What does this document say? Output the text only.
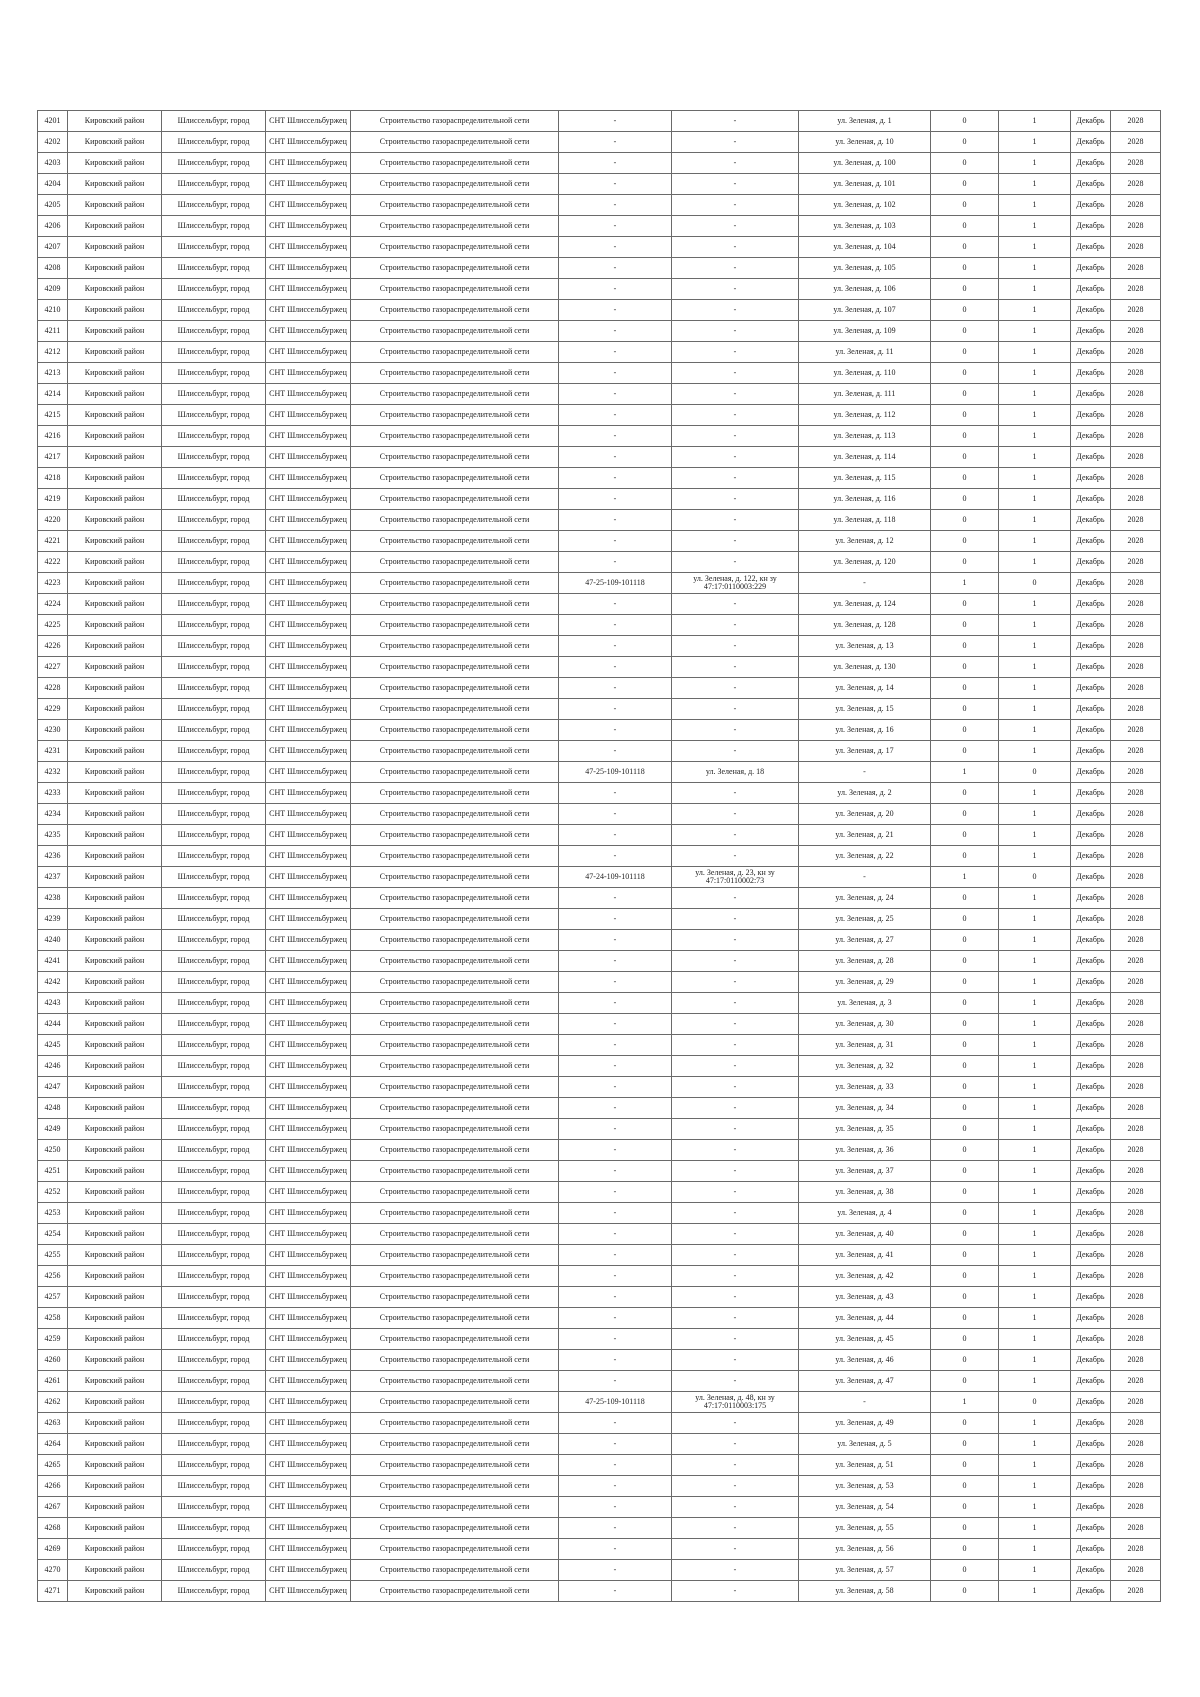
4201	Кировский район	Шлиссельбург, город	СНТ Шлиссельбуржец	Строительство газораспределительной сети	-	-	ул. Зеленая, д. 1	0	1	Декабрь	2028
4202	Кировский район	Шлиссельбург, город	СНТ Шлиссельбуржец	Строительство газораспределительной сети	-	-	ул. Зеленая, д. 10	0	1	Декабрь	2028
4203	Кировский район	Шлиссельбург, город	СНТ Шлиссельбуржец	Строительство газораспределительной сети	-	-	ул. Зеленая, д. 100	0	1	Декабрь	2028
4204	Кировский район	Шлиссельбург, город	СНТ Шлиссельбуржец	Строительство газораспределительной сети	-	-	ул. Зеленая, д. 101	0	1	Декабрь	2028
4205	Кировский район	Шлиссельбург, город	СНТ Шлиссельбуржец	Строительство газораспределительной сети	-	-	ул. Зеленая, д. 102	0	1	Декабрь	2028
4206	Кировский район	Шлиссельбург, город	СНТ Шлиссельбуржец	Строительство газораспределительной сети	-	-	ул. Зеленая, д. 103	0	1	Декабрь	2028
4207	Кировский район	Шлиссельбург, город	СНТ Шлиссельбуржец	Строительство газораспределительной сети	-	-	ул. Зеленая, д. 104	0	1	Декабрь	2028
4208	Кировский район	Шлиссельбург, город	СНТ Шлиссельбуржец	Строительство газораспределительной сети	-	-	ул. Зеленая, д. 105	0	1	Декабрь	2028
4209	Кировский район	Шлиссельбург, город	СНТ Шлиссельбуржец	Строительство газораспределительной сети	-	-	ул. Зеленая, д. 106	0	1	Декабрь	2028
4210	Кировский район	Шлиссельбург, город	СНТ Шлиссельбуржец	Строительство газораспределительной сети	-	-	ул. Зеленая, д. 107	0	1	Декабрь	2028
4211	Кировский район	Шлиссельбург, город	СНТ Шлиссельбуржец	Строительство газораспределительной сети	-	-	ул. Зеленая, д. 109	0	1	Декабрь	2028
4212	Кировский район	Шлиссельбург, город	СНТ Шлиссельбуржец	Строительство газораспределительной сети	-	-	ул. Зеленая, д. 11	0	1	Декабрь	2028
4213	Кировский район	Шлиссельбург, город	СНТ Шлиссельбуржец	Строительство газораспределительной сети	-	-	ул. Зеленая, д. 110	0	1	Декабрь	2028
4214	Кировский район	Шлиссельбург, город	СНТ Шлиссельбуржец	Строительство газораспределительной сети	-	-	ул. Зеленая, д. 111	0	1	Декабрь	2028
4215	Кировский район	Шлиссельбург, город	СНТ Шлиссельбуржец	Строительство газораспределительной сети	-	-	ул. Зеленая, д. 112	0	1	Декабрь	2028
4216	Кировский район	Шлиссельбург, город	СНТ Шлиссельбуржец	Строительство газораспределительной сети	-	-	ул. Зеленая, д. 113	0	1	Декабрь	2028
4217	Кировский район	Шлиссельбург, город	СНТ Шлиссельбуржец	Строительство газораспределительной сети	-	-	ул. Зеленая, д. 114	0	1	Декабрь	2028
4218	Кировский район	Шлиссельбург, город	СНТ Шлиссельбуржец	Строительство газораспределительной сети	-	-	ул. Зеленая, д. 115	0	1	Декабрь	2028
4219	Кировский район	Шлиссельбург, город	СНТ Шлиссельбуржец	Строительство газораспределительной сети	-	-	ул. Зеленая, д. 116	0	1	Декабрь	2028
4220	Кировский район	Шлиссельбург, город	СНТ Шлиссельбуржец	Строительство газораспределительной сети	-	-	ул. Зеленая, д. 118	0	1	Декабрь	2028
4221	Кировский район	Шлиссельбург, город	СНТ Шлиссельбуржец	Строительство газораспределительной сети	-	-	ул. Зеленая, д. 12	0	1	Декабрь	2028
4222	Кировский район	Шлиссельбург, город	СНТ Шлиссельбуржец	Строительство газораспределительной сети	-	-	ул. Зеленая, д. 120	0	1	Декабрь	2028
4223	Кировский район	Шлиссельбург, город	СНТ Шлиссельбуржец	Строительство газораспределительной сети	47-25-109-101118	ул. Зеленая, д. 122, кн зу 47:17:0110003:229	-	1	0	Декабрь	2028
4224	Кировский район	Шлиссельбург, город	СНТ Шлиссельбуржец	Строительство газораспределительной сети	-	-	ул. Зеленая, д. 124	0	1	Декабрь	2028
4225	Кировский район	Шлиссельбург, город	СНТ Шлиссельбуржец	Строительство газораспределительной сети	-	-	ул. Зеленая, д. 128	0	1	Декабрь	2028
4226	Кировский район	Шлиссельбург, город	СНТ Шлиссельбуржец	Строительство газораспределительной сети	-	-	ул. Зеленая, д. 13	0	1	Декабрь	2028
4227	Кировский район	Шлиссельбург, город	СНТ Шлиссельбуржец	Строительство газораспределительной сети	-	-	ул. Зеленая, д. 130	0	1	Декабрь	2028
4228	Кировский район	Шлиссельбург, город	СНТ Шлиссельбуржец	Строительство газораспределительной сети	-	-	ул. Зеленая, д. 14	0	1	Декабрь	2028
4229	Кировский район	Шлиссельбург, город	СНТ Шлиссельбуржец	Строительство газораспределительной сети	-	-	ул. Зеленая, д. 15	0	1	Декабрь	2028
4230	Кировский район	Шлиссельбург, город	СНТ Шлиссельбуржец	Строительство газораспределительной сети	-	-	ул. Зеленая, д. 16	0	1	Декабрь	2028
4231	Кировский район	Шлиссельбург, город	СНТ Шлиссельбуржец	Строительство газораспределительной сети	-	-	ул. Зеленая, д. 17	0	1	Декабрь	2028
4232	Кировский район	Шлиссельбург, город	СНТ Шлиссельбуржец	Строительство газораспределительной сети	47-25-109-101118	ул. Зеленая, д. 18	-	1	0	Декабрь	2028
4233	Кировский район	Шлиссельбург, город	СНТ Шлиссельбуржец	Строительство газораспределительной сети	-	-	ул. Зеленая, д. 2	0	1	Декабрь	2028
4234	Кировский район	Шлиссельбург, город	СНТ Шлиссельбуржец	Строительство газораспределительной сети	-	-	ул. Зеленая, д. 20	0	1	Декабрь	2028
4235	Кировский район	Шлиссельбург, город	СНТ Шлиссельбуржец	Строительство газораспределительной сети	-	-	ул. Зеленая, д. 21	0	1	Декабрь	2028
4236	Кировский район	Шлиссельбург, город	СНТ Шлиссельбуржец	Строительство газораспределительной сети	-	-	ул. Зеленая, д. 22	0	1	Декабрь	2028
4237	Кировский район	Шлиссельбург, город	СНТ Шлиссельбуржец	Строительство газораспределительной сети	47-24-109-101118	ул. Зеленая, д. 23, кн зу 47:17:0110002:73	-	1	0	Декабрь	2028
4238	Кировский район	Шлиссельбург, город	СНТ Шлиссельбуржец	Строительство газораспределительной сети	-	-	ул. Зеленая, д. 24	0	1	Декабрь	2028
4239	Кировский район	Шлиссельбург, город	СНТ Шлиссельбуржец	Строительство газораспределительной сети	-	-	ул. Зеленая, д. 25	0	1	Декабрь	2028
4240	Кировский район	Шлиссельбург, город	СНТ Шлиссельбуржец	Строительство газораспределительной сети	-	-	ул. Зеленая, д. 27	0	1	Декабрь	2028
4241	Кировский район	Шлиссельбург, город	СНТ Шлиссельбуржец	Строительство газораспределительной сети	-	-	ул. Зеленая, д. 28	0	1	Декабрь	2028
4242	Кировский район	Шлиссельбург, город	СНТ Шлиссельбуржец	Строительство газораспределительной сети	-	-	ул. Зеленая, д. 29	0	1	Декабрь	2028
4243	Кировский район	Шлиссельбург, город	СНТ Шлиссельбуржец	Строительство газораспределительной сети	-	-	ул. Зеленая, д. 3	0	1	Декабрь	2028
4244	Кировский район	Шлиссельбург, город	СНТ Шлиссельбуржец	Строительство газораспределительной сети	-	-	ул. Зеленая, д. 30	0	1	Декабрь	2028
4245	Кировский район	Шлиссельбург, город	СНТ Шлиссельбуржец	Строительство газораспределительной сети	-	-	ул. Зеленая, д. 31	0	1	Декабрь	2028
4246	Кировский район	Шлиссельбург, город	СНТ Шлиссельбуржец	Строительство газораспределительной сети	-	-	ул. Зеленая, д. 32	0	1	Декабрь	2028
4247	Кировский район	Шлиссельбург, город	СНТ Шлиссельбуржец	Строительство газораспределительной сети	-	-	ул. Зеленая, д. 33	0	1	Декабрь	2028
4248	Кировский район	Шлиссельбург, город	СНТ Шлиссельбуржец	Строительство газораспределительной сети	-	-	ул. Зеленая, д. 34	0	1	Декабрь	2028
4249	Кировский район	Шлиссельбург, город	СНТ Шлиссельбуржец	Строительство газораспределительной сети	-	-	ул. Зеленая, д. 35	0	1	Декабрь	2028
4250	Кировский район	Шлиссельбург, город	СНТ Шлиссельбуржец	Строительство газораспределительной сети	-	-	ул. Зеленая, д. 36	0	1	Декабрь	2028
4251	Кировский район	Шлиссельбург, город	СНТ Шлиссельбуржец	Строительство газораспределительной сети	-	-	ул. Зеленая, д. 37	0	1	Декабрь	2028
4252	Кировский район	Шлиссельбург, город	СНТ Шлиссельбуржец	Строительство газораспределительной сети	-	-	ул. Зеленая, д. 38	0	1	Декабрь	2028
4253	Кировский район	Шлиссельбург, город	СНТ Шлиссельбуржец	Строительство газораспределительной сети	-	-	ул. Зеленая, д. 4	0	1	Декабрь	2028
4254	Кировский район	Шлиссельбург, город	СНТ Шлиссельбуржец	Строительство газораспределительной сети	-	-	ул. Зеленая, д. 40	0	1	Декабрь	2028
4255	Кировский район	Шлиссельбург, город	СНТ Шлиссельбуржец	Строительство газораспределительной сети	-	-	ул. Зеленая, д. 41	0	1	Декабрь	2028
4256	Кировский район	Шлиссельбург, город	СНТ Шлиссельбуржец	Строительство газораспределительной сети	-	-	ул. Зеленая, д. 42	0	1	Декабрь	2028
4257	Кировский район	Шлиссельбург, город	СНТ Шлиссельбуржец	Строительство газораспределительной сети	-	-	ул. Зеленая, д. 43	0	1	Декабрь	2028
4258	Кировский район	Шлиссельбург, город	СНТ Шлиссельбуржец	Строительство газораспределительной сети	-	-	ул. Зеленая, д. 44	0	1	Декабрь	2028
4259	Кировский район	Шлиссельбург, город	СНТ Шлиссельбуржец	Строительство газораспределительной сети	-	-	ул. Зеленая, д. 45	0	1	Декабрь	2028
4260	Кировский район	Шлиссельбург, город	СНТ Шлиссельбуржец	Строительство газораспределительной сети	-	-	ул. Зеленая, д. 46	0	1	Декабрь	2028
4261	Кировский район	Шлиссельбург, город	СНТ Шлиссельбуржец	Строительство газораспределительной сети	-	-	ул. Зеленая, д. 47	0	1	Декабрь	2028
4262	Кировский район	Шлиссельбург, город	СНТ Шлиссельбуржец	Строительство газораспределительной сети	47-25-109-101118	ул. Зеленая, д. 48, кн зу 47:17:0110003:175	-	1	0	Декабрь	2028
4263	Кировский район	Шлиссельбург, город	СНТ Шлиссельбуржец	Строительство газораспределительной сети	-	-	ул. Зеленая, д. 49	0	1	Декабрь	2028
4264	Кировский район	Шлиссельбург, город	СНТ Шлиссельбуржец	Строительство газораспределительной сети	-	-	ул. Зеленая, д. 5	0	1	Декабрь	2028
4265	Кировский район	Шлиссельбург, город	СНТ Шлиссельбуржец	Строительство газораспределительной сети	-	-	ул. Зеленая, д. 51	0	1	Декабрь	2028
4266	Кировский район	Шлиссельбург, город	СНТ Шлиссельбуржец	Строительство газораспределительной сети	-	-	ул. Зеленая, д. 53	0	1	Декабрь	2028
4267	Кировский район	Шлиссельбург, город	СНТ Шлиссельбуржец	Строительство газораспределительной сети	-	-	ул. Зеленая, д. 54	0	1	Декабрь	2028
4268	Кировский район	Шлиссельбург, город	СНТ Шлиссельбуржец	Строительство газораспределительной сети	-	-	ул. Зеленая, д. 55	0	1	Декабрь	2028
4269	Кировский район	Шлиссельбург, город	СНТ Шлиссельбуржец	Строительство газораспределительной сети	-	-	ул. Зеленая, д. 56	0	1	Декабрь	2028
4270	Кировский район	Шлиссельбург, город	СНТ Шлиссельбуржец	Строительство газораспределительной сети	-	-	ул. Зеленая, д. 57	0	1	Декабрь	2028
4271	Кировский район	Шлиссельбург, город	СНТ Шлиссельбуржец	Строительство газораспределительной сети	-	-	ул. Зеленая, д. 58	0	1	Декабрь	2028
